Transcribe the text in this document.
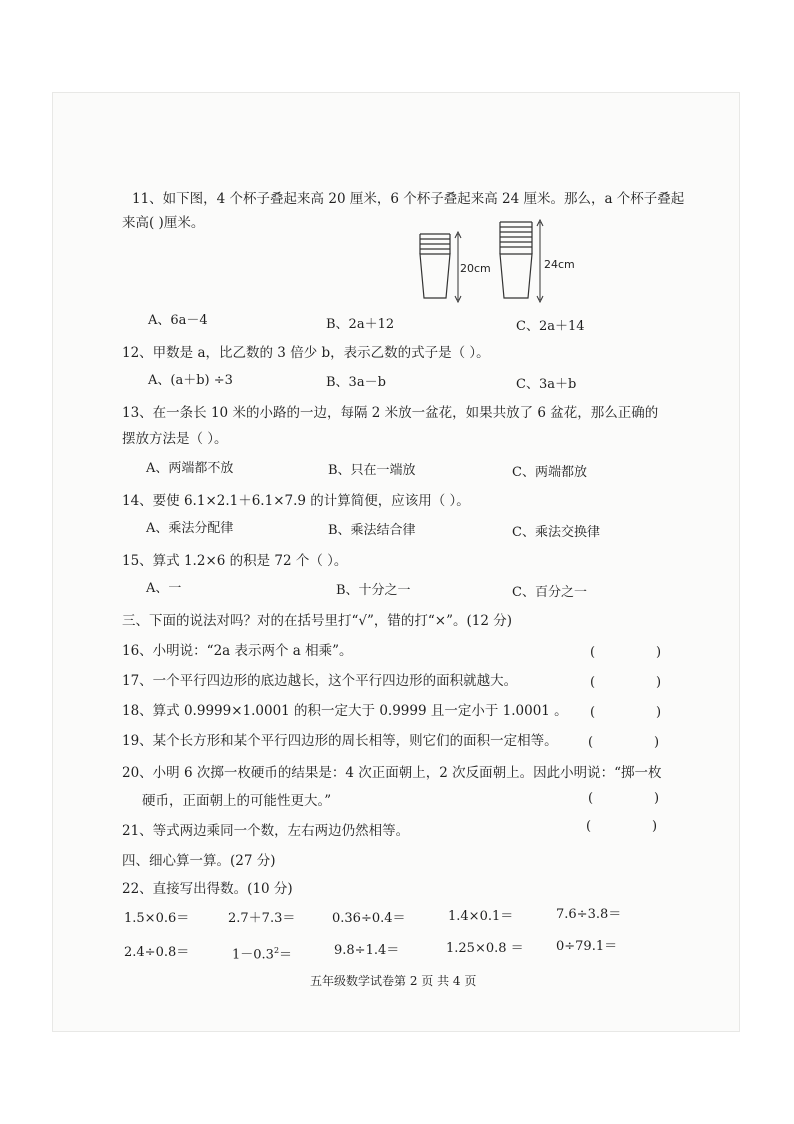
11、如下图，4 个杯子叠起来高 20 厘米，6 个杯子叠起来高 24 厘米。那么，a 个杯子叠起
来高( )厘米。
20cm	24cm
A、6a－4	B、2a＋12	C、2a＋14
12、甲数是 a，比乙数的 3 倍少 b，表示乙数的式子是（ ）。
A、(a＋b) ÷3	B、3a－b	C、3a＋b
13、在一条长 10 米的小路的一边，每隔 2 米放一盆花，如果共放了 6 盆花，那么正确的
摆放方法是（ ）。
A、两端都不放	B、只在一端放	C、两端都放
14、要使 6.1×2.1＋6.1×7.9 的计算简便，应该用（ ）。
A、乘法分配律	B、乘法结合律	C、乘法交换律
15、算式 1.2×6 的积是 72 个（ ）。
A、一	B、十分之一	C、百分之一
三、下面的说法对吗？对的在括号里打“√”，错的打“×”。(12 分)
16、小明说：“2a 表示两个 a 相乘”。	(	)
17、一个平行四边形的底边越长，这个平行四边形的面积就越大。	(	)
18、算式 0.9999×1.0001 的积一定大于 0.9999 且一定小于 1.0001 。 (	)
19、某个长方形和某个平行四边形的周长相等，则它们的面积一定相等。 (	)
20、小明 6 次掷一枚硬币的结果是：4 次正面朝上，2 次反面朝上。因此小明说：“掷一枚
硬币，正面朝上的可能性更大。”	(	)
21、等式两边乘同一个数，左右两边仍然相等。	(	)
四、细心算一算。(27 分)
22、直接写出得数。(10 分)
1.5×0.6＝	2.7＋7.3＝	0.36÷0.4＝	1.4×0.1＝	7.6÷3.8＝
2.4÷0.8＝	$1-0.3^2=$	9.8÷1.4＝	1.25×0.8 ＝ 0÷79.1＝
五年级数学试卷第 2 页 共 4 页
